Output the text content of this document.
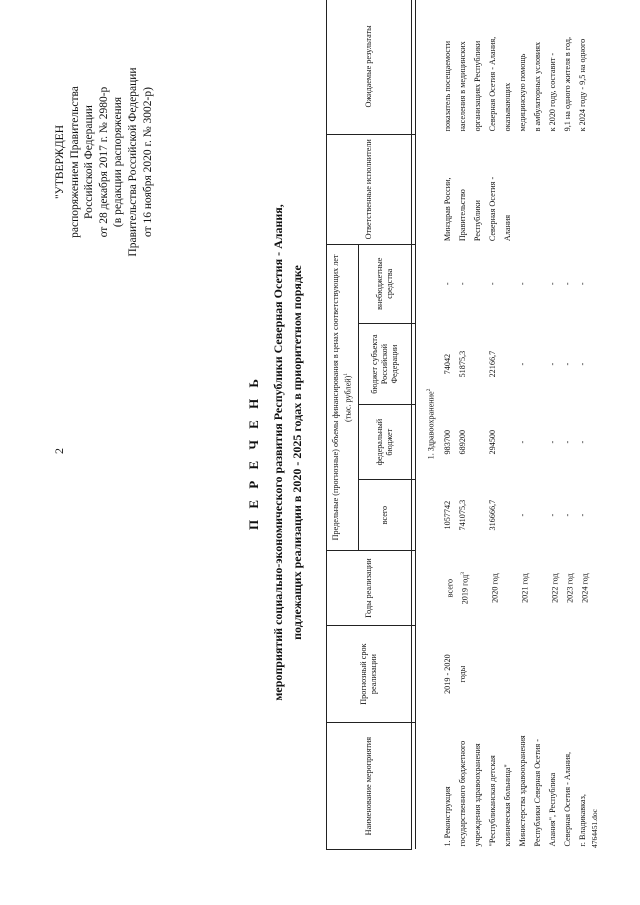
2
"УТВЕРЖДЕН распоряжением Правительства Российской Федерации от 28 декабря 2017 г. № 2980-р (в редакции распоряжения Правительства Российской Федерации от 16 ноября 2020 г. № 3002-р)
П Е Р Е Ч Е Н Ь мероприятий социально-экономического развития Республики Северная Осетия - Алания, подлежащих реализации в 2020 - 2025 годах в приоритетном порядке
Наименование мероприятия	Прогнозный срок реализации	Годы реализации	Предельные (прогнозные) объемы финансирования в ценах соответствующих лет (тыс. рублей)$^1$				Ответственные исполнители	Ожидаемые результаты
			всего	федеральный бюджет	бюджет субъекта Российской Федерации	внебюджетные средства		

1. Здравоохранение$^2$
1. Реконструкция	2019 - 2020	всего	1057742	983700	74042	-	Минздрав России,	показатель посещаемости
государственного бюджетного	годы	2019 год$^3$	741075,3	689200	51875,3	-	Правительство	населения в медицинских
учреждения здравоохранения							Республики	организациях Республики
"Республиканская детская		2020 год	316666,7	294500	22166,7	-	Северная Осетия -	Северная Осетия - Алания,
клиническая больница"							Алания	оказывающих
Министерства здравоохранения		2021 год	-	-	-	-		медицинскую помощь
Республики Северная Осетия -								в амбулаторных условиях
Алания", Республика		2022 год	-	-	-	-		к 2020 году, составит -
Северная Осетия - Алания,		2023 год	-	-	-	-		9,1 на одного жителя в год,
г. Владикавказ,		2024 год	-	-	-	-		к 2024 году - 9,5 на одного
4764451.doc
